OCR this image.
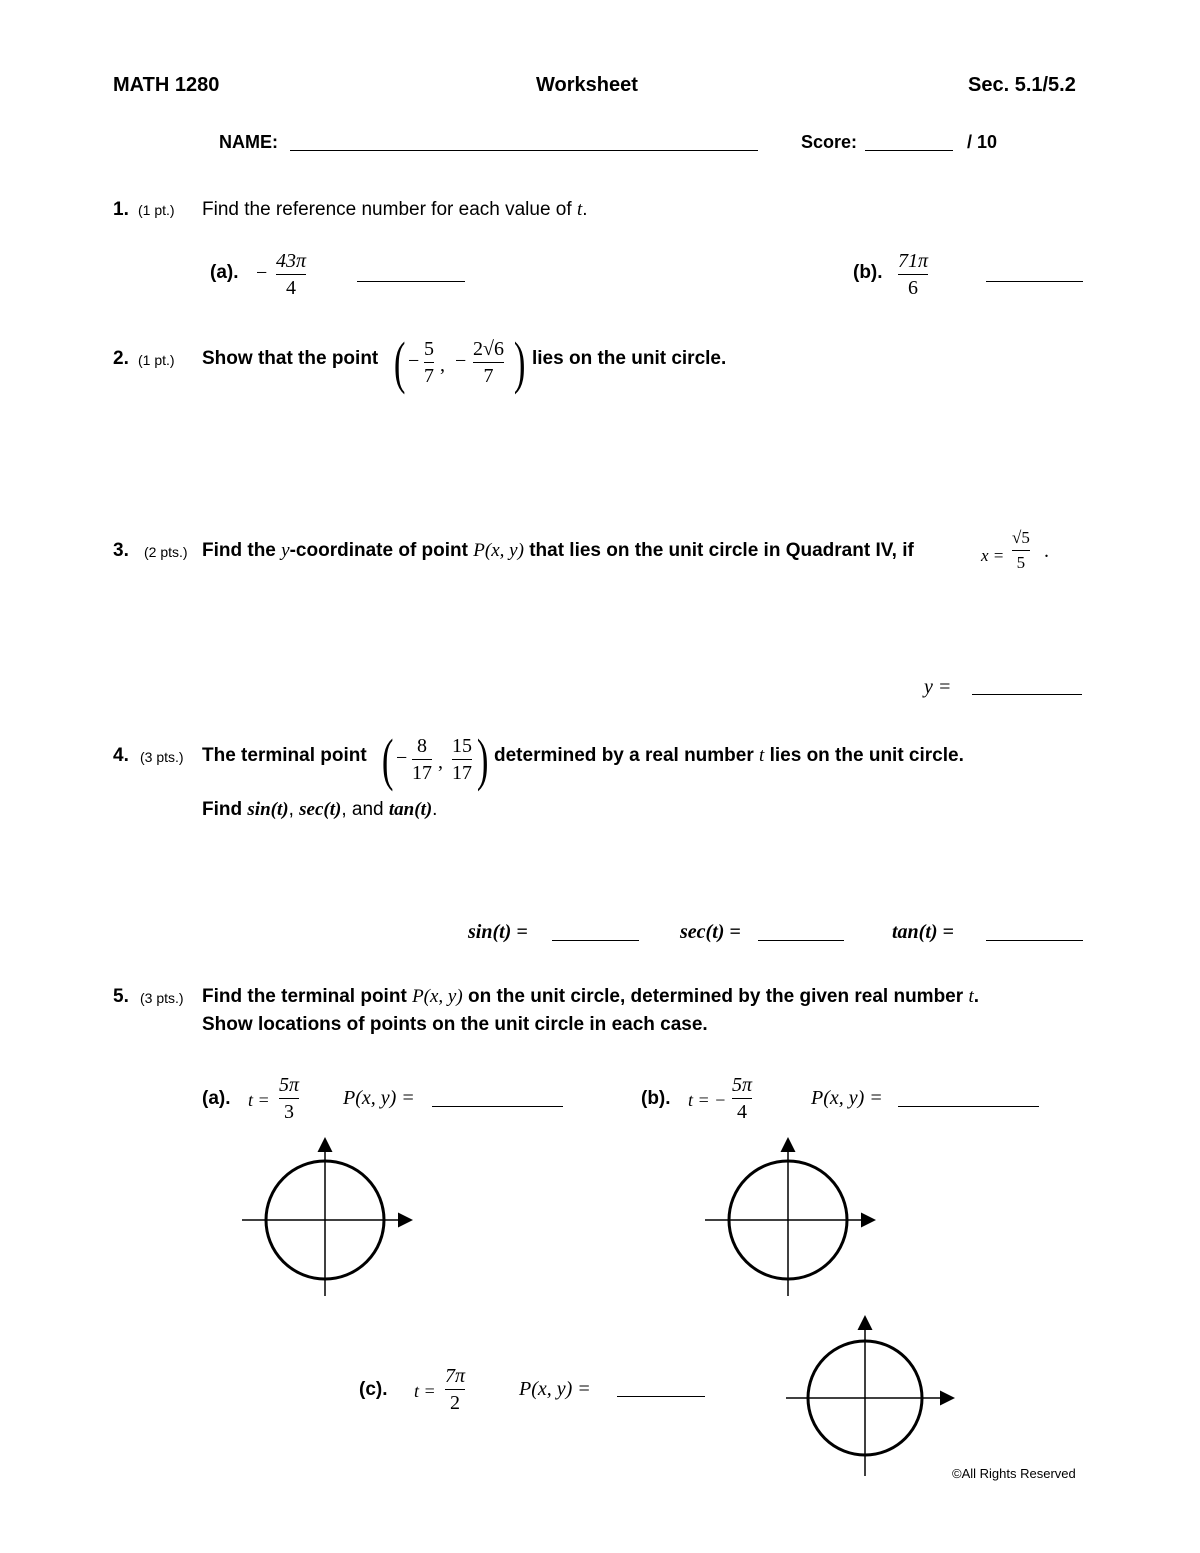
MATH 1280	Worksheet	Sec. 5.1/5.2
NAME:	Score:	/ 10
1. (1 pt.) Find the reference number for each value of t.
(a). −
43π
4
(b).
71π
6
2. (1 pt.) Show that the point ( −
5
7 , −
2√6
7 ) lies on the unit circle.
3. (2 pts.) Find the y-coordinate of point P(x, y) that lies on the unit circle in Quadrant IV, if	x =
√5
5
.
y =
4. (3 pts.) The terminal point ( −
8
17 ,
15
17 ) determined by a real number t lies on the unit circle.
Find sin(t), sec(t), and tan(t).
sin(t) =	sec(t) =	tan(t) =
5. (3 pts.) Find the terminal point P(x, y) on the unit circle, determined by the given real number t.
Show locations of points on the unit circle in each case.
(a). t =
5π
3
P(x, y) =	(b). t = −
5π
4
P(x, y) =
(c). t =
7π
2
P(x, y) =
©All Rights Reserved
